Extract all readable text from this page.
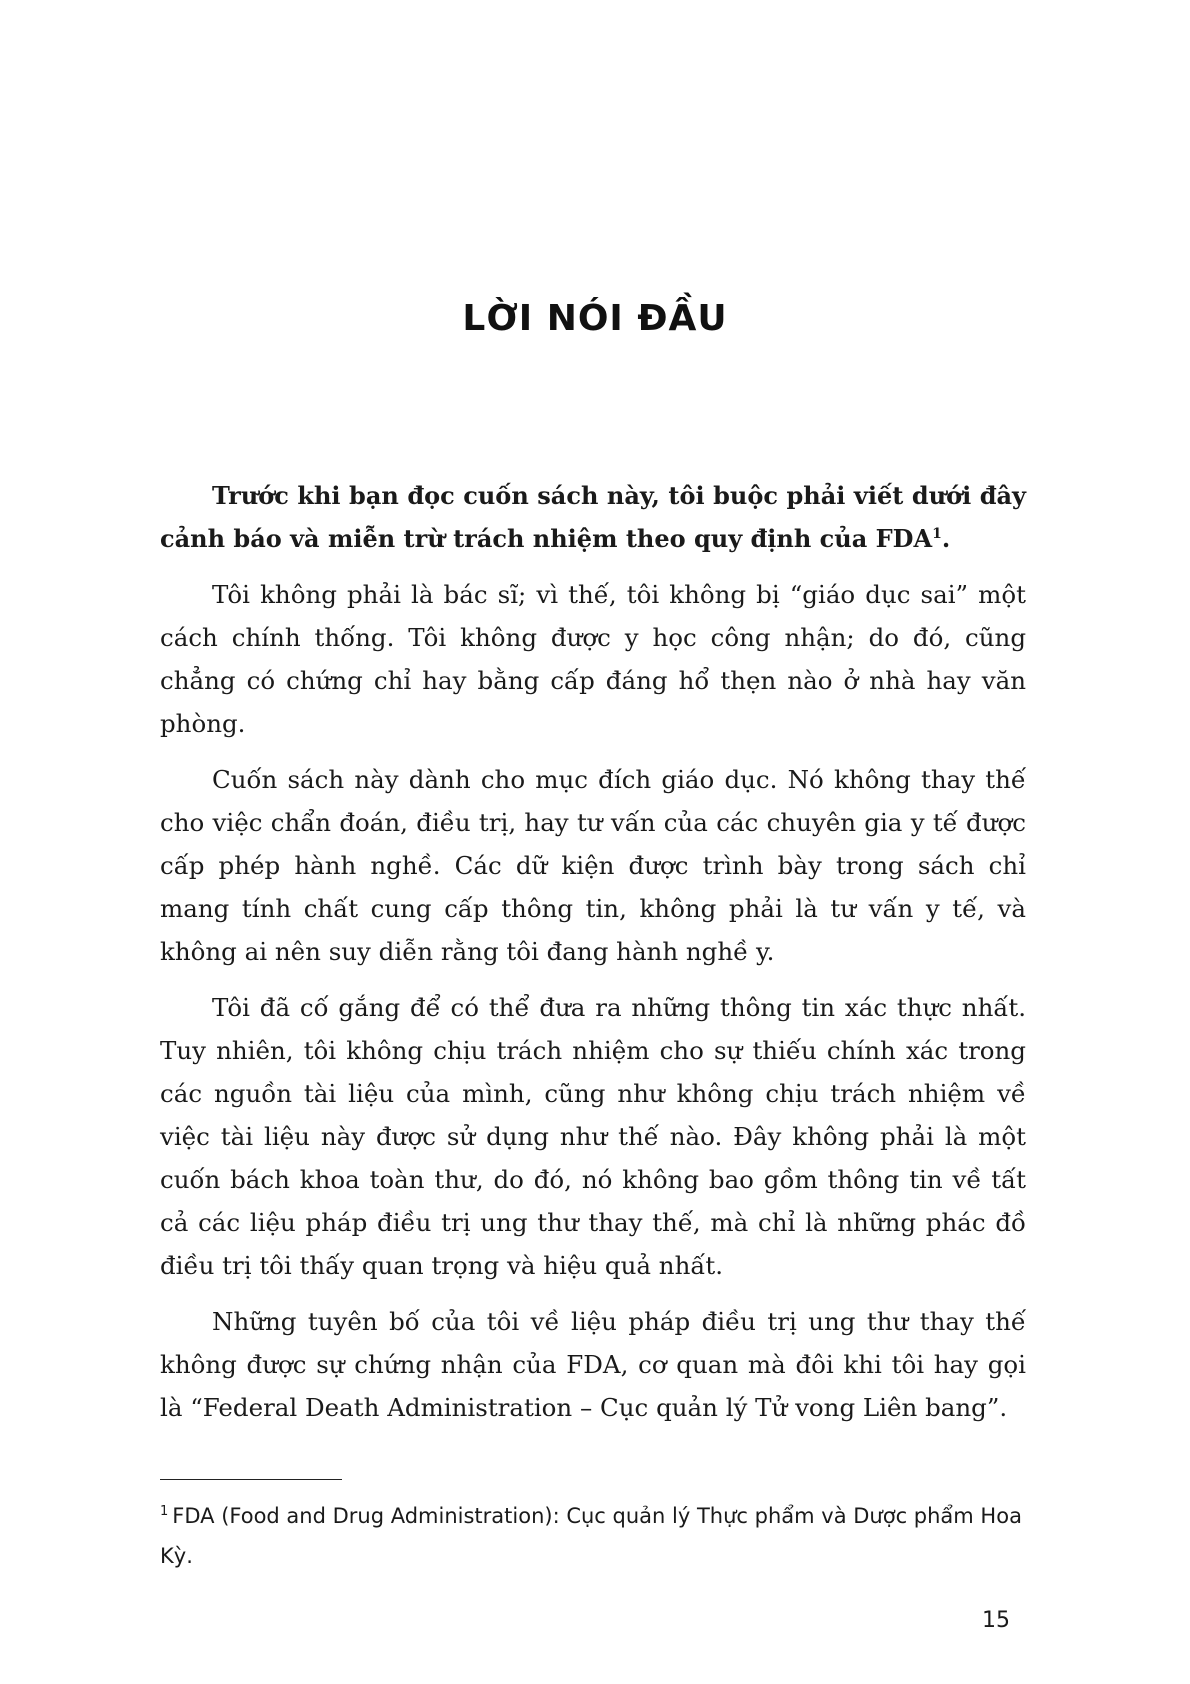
LỜI NÓI ĐẦU

Trước khi bạn đọc cuốn sách này, tôi buộc phải viết dưới đây cảnh báo và miễn trừ trách nhiệm theo quy định của FDA$^1$.

Tôi không phải là bác sĩ; vì thế, tôi không bị “giáo dục sai” một cách chính thống. Tôi không được y học công nhận; do đó, cũng chẳng có chứng chỉ hay bằng cấp đáng hổ thẹn nào ở nhà hay văn phòng.

Cuốn sách này dành cho mục đích giáo dục. Nó không thay thế cho việc chẩn đoán, điều trị, hay tư vấn của các chuyên gia y tế được cấp phép hành nghề. Các dữ kiện được trình bày trong sách chỉ mang tính chất cung cấp thông tin, không phải là tư vấn y tế, và không ai nên suy diễn rằng tôi đang hành nghề y.

Tôi đã cố gắng để có thể đưa ra những thông tin xác thực nhất. Tuy nhiên, tôi không chịu trách nhiệm cho sự thiếu chính xác trong các nguồn tài liệu của mình, cũng như không chịu trách nhiệm về việc tài liệu này được sử dụng như thế nào. Đây không phải là một cuốn bách khoa toàn thư, do đó, nó không bao gồm thông tin về tất cả các liệu pháp điều trị ung thư thay thế, mà chỉ là những phác đồ điều trị tôi thấy quan trọng và hiệu quả nhất.

Những tuyên bố của tôi về liệu pháp điều trị ung thư thay thế không được sự chứng nhận của FDA, cơ quan mà đôi khi tôi hay gọi là “Federal Death Administration – Cục quản lý Tử vong Liên bang”.

$^1$ FDA (Food and Drug Administration): Cục quản lý Thực phẩm và Dược phẩm Hoa Kỳ.
15
